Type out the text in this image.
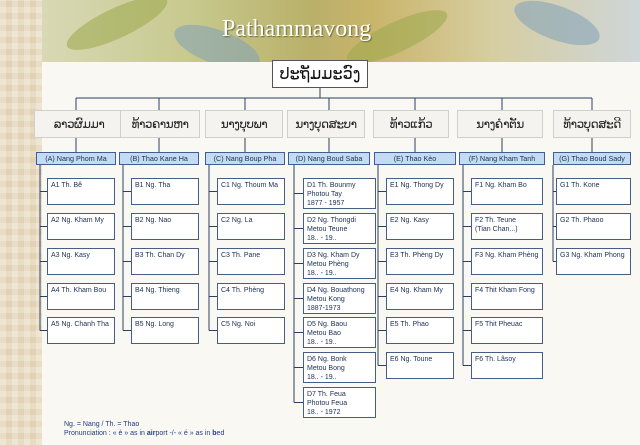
Pathammavong
ປະຖັມມະວົງ
ລາວຜົມມາ
(A) Nang Phom Ma
A1 Th. Bê
A2 Ng. Kham My
A3 Ng. Kasy
A4 Th. Kham Bou
A5 Ng. Chanh Tha
ທ້າວຄານຫາ
(B) Thao Kane Ha
B1 Ng. Tha
B2 Ng. Nao
B3 Th. Chan Dy
B4 Ng. Thieng
B5 Ng. Long
ນາງບຸບພາ
(C) Nang Boup Pha
C1 Ng. Thoum Ma
C2 Ng. La
C3 Th. Pane
C4 Th. Phèng
C5 Ng. Noi
ນາງບຸດສະບາ
(D) Nang Boud Saba
D1 Th. Bounmy
Photou Tay
1877 - 1957
D2 Ng. Thongdi
Metou Teune
18.. - 19..
D3 Ng. Kham Dy
Metou Phèng
18.. - 19..
D4 Ng. Bouathong
Metou Kong
1887-1973
D5 Ng. Baou
Metou Bao
18.. - 19..
D6 Ng. Bonk
Metou Bong
18.. - 19..
D7 Th. Feua
Photou Feua
18.. - 1972
ທ້າວແກ້ວ
(E) Thao Kèo
E1 Ng. Thong Dy
E2 Ng. Kasy
E3 Th. Phèng Dy
E4 Ng. Kham My
E5 Th. Phao
E6 Ng. Toune
ນາງຄຳຕັນ
(F) Nang Kham Tanh
F1 Ng. Kham Bo
F2 Th. Teune
(Tian Chan...)
F3 Ng. Kham Phèng
F4 Thit Kham Fong
F5 Thit Pheuac
F6 Th. Lâsoy
ທ້າວບຸດສະດີ
(G) Thao Boud Sady
G1 Th. Kone
G2 Th. Phaoo
G3 Ng. Kham Phong
Ng. = Nang / Th. = Thao
Pronunciation : « è » as in airport -/- « é » as in bed
